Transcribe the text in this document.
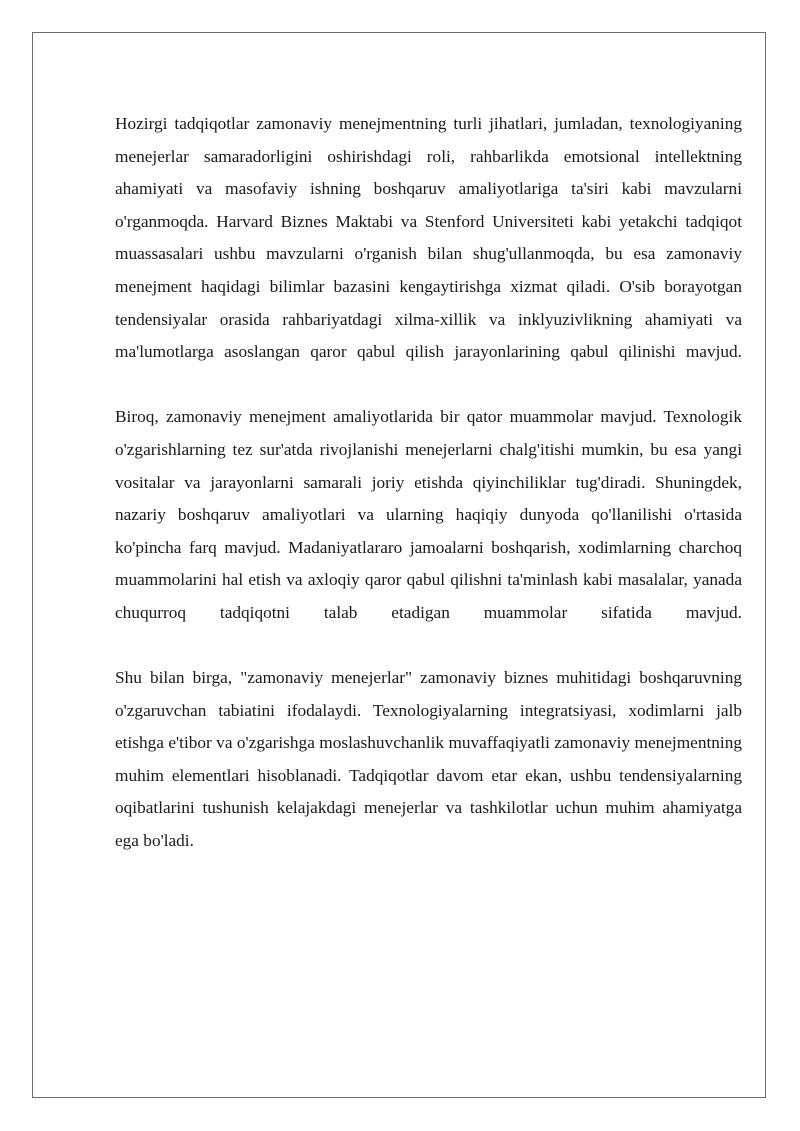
Hozirgi tadqiqotlar zamonaviy menejmentning turli jihatlari, jumladan, texnologiyaning menejerlar samaradorligini oshirishdagi roli, rahbarlikda emotsional intellektning ahamiyati va masofaviy ishning boshqaruv amaliyotlariga ta'siri kabi mavzularni o'rganmoqda. Harvard Biznes Maktabi va Stenford Universiteti kabi yetakchi tadqiqot muassasalari ushbu mavzularni o'rganish bilan shug'ullanmoqda, bu esa zamonaviy menejment haqidagi bilimlar bazasini kengaytirishga xizmat qiladi. O'sib borayotgan tendensiyalar orasida rahbariyatdagi xilma-xillik va inklyuzivlikning ahamiyati va ma'lumotlarga asoslangan qaror qabul qilish jarayonlarining qabul qilinishi mavjud.

Biroq, zamonaviy menejment amaliyotlarida bir qator muammolar mavjud. Texnologik o'zgarishlarning tez sur'atda rivojlanishi menejerlarni chalg'itishi mumkin, bu esa yangi vositalar va jarayonlarni samarali joriy etishda qiyinchiliklar tug'diradi. Shuningdek, nazariy boshqaruv amaliyotlari va ularning haqiqiy dunyoda qo'llanilishi o'rtasida ko'pincha farq mavjud. Madaniyatlararo jamoalarni boshqarish, xodimlarning charchoq muammolarini hal etish va axloqiy qaror qabul qilishni ta'minlash kabi masalalar, yanada chuqurroq tadqiqotni talab etadigan muammolar sifatida mavjud.

Shu bilan birga, "zamonaviy menejerlar" zamonaviy biznes muhitidagi boshqaruvning o'zgaruvchan tabiatini ifodalaydi. Texnologiyalarning integratsiyasi, xodimlarni jalb etishga e'tibor va o'zgarishga moslashuvchanlik muvaffaqiyatli zamonaviy menejmentning muhim elementlari hisoblanadi. Tadqiqotlar davom etar ekan, ushbu tendensiyalarning oqibatlarini tushunish kelajakdagi menejerlar va tashkilotlar uchun muhim ahamiyatga ega bo'ladi.
